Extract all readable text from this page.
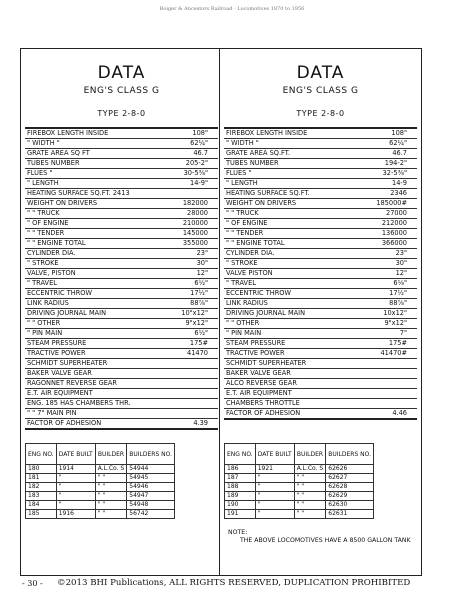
Boiger & Ancestors Railroad · Locomotives 1870 to 1956
DATA
ENG'S CLASS G
TYPE 2-8-0
FIREBOX LENGTH INSIDE	108"
" WIDTH "	62¼"
GRATE AREA SQ FT	46.7
TUBES NUMBER	205-2"
FLUES "	30-5⅜"
" LENGTH	14-9"
HEATING SURFACE SQ.FT. 2413
WEIGHT ON DRIVERS	182000
" " TRUCK	28000
" OF ENGINE	210000
" " TENDER	145000
" " ENGINE TOTAL	355000
CYLINDER DIA.	23"
" STROKE	30"
VALVE, PISTON	12"
" TRAVEL	6½"
ECCENTRIC THROW	17½"
LINK RADIUS	88⅞"
DRIVING JOURNAL MAIN	10"x12"
" " OTHER	9"x12"
" PIN MAIN	6½"
STEAM PRESSURE	175#
TRACTIVE POWER	41470
SCHMIDT SUPERHEATER
BAKER VALVE GEAR
RAGONNET REVERSE GEAR
E.T. AIR EQUIPMENT
ENG. 185 HAS CHAMBERS THR.
" " 7" MAIN PIN
FACTOR OF ADHESION	4.39
ENG NO.	DATE BUILT	BUILDER	BUILDERS NO.
180	1914	A.L.Co. S	54944
181	"	" "	54945
182	"	" "	54946
183	"	" "	54947
184	"	" "	54948
185	1916	" "	56742
DATA
ENG'S CLASS G
TYPE 2-8-0
FIREBOX LENGTH INSIDE	108"
" WIDTH "	62¼"
GRATE AREA SQ.FT.	46.7
TUBES NUMBER	194-2"
FLUES "	32-5⅜"
" LENGTH	14-9
HEATING SURFACE SQ.FT.	2346
WEIGHT ON DRIVERS	185000#
" " TRUCK	27000
" OF ENGINE	212000
" " TENDER	136000
" " ENGINE TOTAL	366000
CYLINDER DIA.	23"
" STROKE	30"
VALVE PISTON	12"
" TRAVEL	6⅛"
ECCENTRIC THROW	17½"
LINK RADIUS	88⅞"
DRIVING JOURNAL MAIN	10x12"
" " OTHER	9"x12"
" PIN MAIN	7"
STEAM PRESSURE	175#
TRACTIVE POWER	41470#
SCHMIDT SUPERHEATER
BAKER VALVE GEAR
ALCO REVERSE GEAR
E.T. AIR EQUIPMENT
CHAMBERS THROTTLE
FACTOR OF ADHESION	4.46
ENG NO.	DATE BUILT	BUILDER	BUILDERS NO.
186	1921	A.L.Co. S	62626
187	"	" "	62627
188	"	" "	62628
189	"	" "	62629
190	"	" "	62630
191	"	" "	62631
NOTE:
THE ABOVE LOCOMOTIVES HAVE A 8500 GALLON TANK
- 30 - ©2013 BHI Publications, ALL RIGHTS RESERVED, DUPLICATION PROHIBITED
